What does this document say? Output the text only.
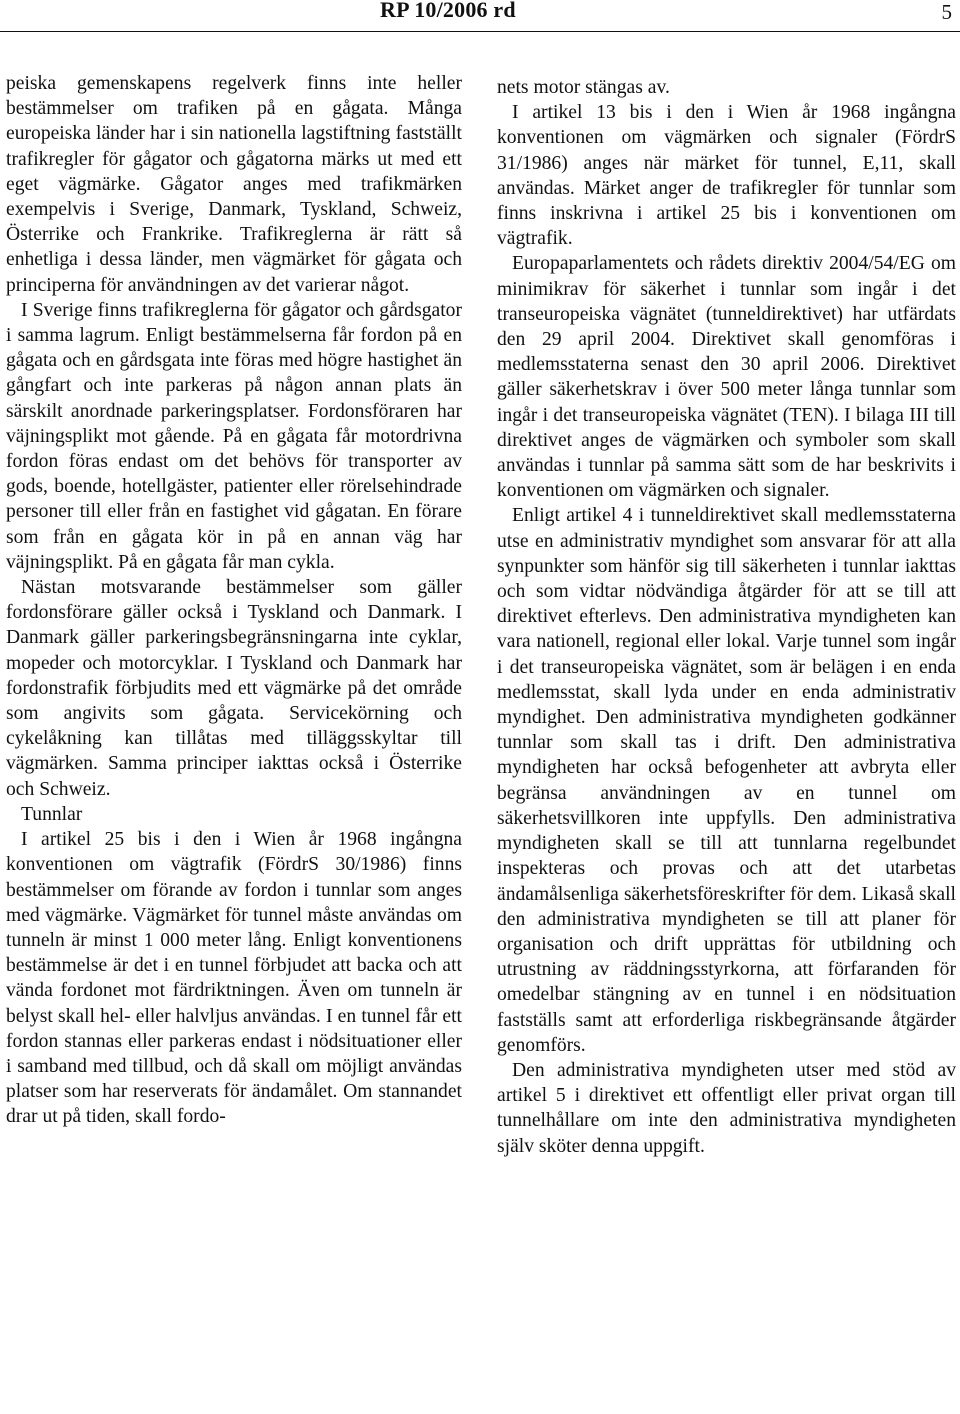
RP 10/2006 rd	5

peiska gemenskapens regelverk finns inte heller bestämmelser om trafiken på en gågata. Många europeiska länder har i sin nationella lagstiftning fastställt trafikregler för gågator och gågatorna märks ut med ett eget vägmärke. Gågator anges med trafikmärken exempelvis i Sverige, Danmark, Tyskland, Schweiz, Österrike och Frankrike. Trafikreglerna är rätt så enhetliga i dessa länder, men vägmärket för gågata och principerna för användningen av det varierar något.

I Sverige finns trafikreglerna för gågator och gårdsgator i samma lagrum. Enligt bestämmelserna får fordon på en gågata och en gårdsgata inte föras med högre hastighet än gångfart och inte parkeras på någon annan plats än särskilt anordnade parkeringsplatser. Fordonsföraren har väjningsplikt mot gående. På en gågata får motordrivna fordon föras endast om det behövs för transporter av gods, boende, hotellgäster, patienter eller rörelsehindrade personer till eller från en fastighet vid gågatan. En förare som från en gågata kör in på en annan väg har väjningsplikt. På en gågata får man cykla.

Nästan motsvarande bestämmelser som gäller fordonsförare gäller också i Tyskland och Danmark. I Danmark gäller parkeringsbegränsningarna inte cyklar, mopeder och motorcyklar. I Tyskland och Danmark har fordonstrafik förbjudits med ett vägmärke på det område som angivits som gågata. Servicekörning och cykelåkning kan tillåtas med tilläggsskyltar till vägmärken. Samma principer iakttas också i Österrike och Schweiz.

Tunnlar

I artikel 25 bis i den i Wien år 1968 ingångna konventionen om vägtrafik (FördrS 30/1986) finns bestämmelser om förande av fordon i tunnlar som anges med vägmärke. Vägmärket för tunnel måste användas om tunneln är minst 1 000 meter lång. Enligt konventionens bestämmelse är det i en tunnel förbjudet att backa och att vända fordonet mot färdriktningen. Även om tunneln är belyst skall hel- eller halvljus användas. I en tunnel får ett fordon stannas eller parkeras endast i nödsituationer eller i samband med tillbud, och då skall om möjligt användas platser som har reserverats för ändamålet. Om stannandet drar ut på tiden, skall fordo-

nets motor stängas av.

I artikel 13 bis i den i Wien år 1968 ingångna konventionen om vägmärken och signaler (FördrS 31/1986) anges när märket för tunnel, E,11, skall användas. Märket anger de trafikregler för tunnlar som finns inskrivna i artikel 25 bis i konventionen om vägtrafik.

Europaparlamentets och rådets direktiv 2004/54/EG om minimikrav för säkerhet i tunnlar som ingår i det transeuropeiska vägnätet (tunneldirektivet) har utfärdats den 29 april 2004. Direktivet skall genomföras i medlemsstaterna senast den 30 april 2006. Direktivet gäller säkerhetskrav i över 500 meter långa tunnlar som ingår i det transeuropeiska vägnätet (TEN). I bilaga III till direktivet anges de vägmärken och symboler som skall användas i tunnlar på samma sätt som de har beskrivits i konventionen om vägmärken och signaler.

Enligt artikel 4 i tunneldirektivet skall medlemsstaterna utse en administrativ myndighet som ansvarar för att alla synpunkter som hänför sig till säkerheten i tunnlar iakttas och som vidtar nödvändiga åtgärder för att se till att direktivet efterlevs. Den administrativa myndigheten kan vara nationell, regional eller lokal. Varje tunnel som ingår i det transeuropeiska vägnätet, som är belägen i en enda medlemsstat, skall lyda under en enda administrativ myndighet. Den administrativa myndigheten godkänner tunnlar som skall tas i drift. Den administrativa myndigheten har också befogenheter att avbryta eller begränsa användningen av en tunnel om säkerhetsvillkoren inte uppfylls. Den administrativa myndigheten skall se till att tunnlarna regelbundet inspekteras och provas och att det utarbetas ändamålsenliga säkerhetsföreskrifter för dem. Likaså skall den administrativa myndigheten se till att planer för organisation och drift upprättas för utbildning och utrustning av räddningsstyrkorna, att förfaranden för omedelbar stängning av en tunnel i en nödsituation fastställs samt att erforderliga riskbegränsande åtgärder genomförs.

Den administrativa myndigheten utser med stöd av artikel 5 i direktivet ett offentligt eller privat organ till tunnelhållare om inte den administrativa myndigheten själv sköter denna uppgift.
